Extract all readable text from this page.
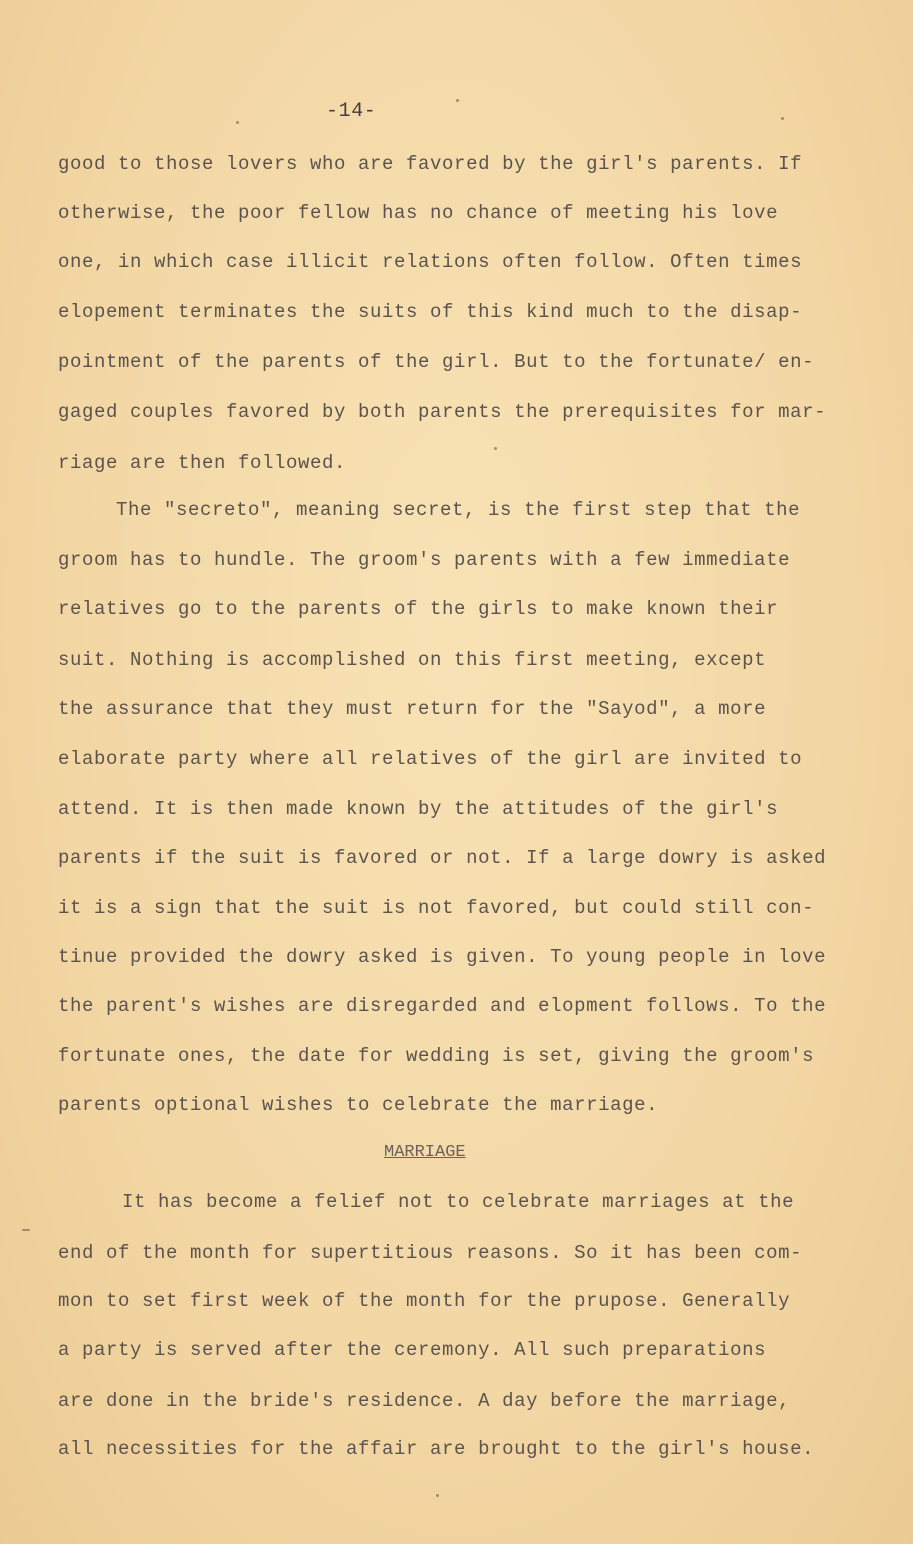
-14-
good to those lovers who are favored by the girl's parents. If
otherwise, the poor fellow has no chance of meeting his love
one, in which case illicit relations often follow. Often times
elopement terminates the suits of this kind much to the disap-
pointment of the parents of the girl. But to the fortunate/ en-
gaged couples favored by both parents the prerequisites for mar-
riage are then followed.
The "secreto", meaning secret, is the first step that the
groom has to hundle. The groom's parents with a few immediate
relatives go to the parents of the girls to make known their
suit. Nothing is accomplished on this first meeting, except
the assurance that they must return for the "Sayod", a more
elaborate party where all relatives of the girl are invited to
attend. It is then made known by the attitudes of the girl's
parents if the suit is favored or not. If a large dowry is asked
it is a sign that the suit is not favored, but could still con-
tinue provided the dowry asked is given. To young people in love
the parent's wishes are disregarded and elopment follows. To the
fortunate ones, the date for wedding is set, giving the groom's
parents optional wishes to celebrate the marriage.
MARRIAGE
It has become a felief not to celebrate marriages at the
end of the month for supertitious reasons. So it has been com-
mon to set first week of the month for the prupose. Generally
a party is served after the ceremony. All such preparations
are done in the bride's residence. A day before the marriage,
all necessities for the affair are brought to the girl's house.
